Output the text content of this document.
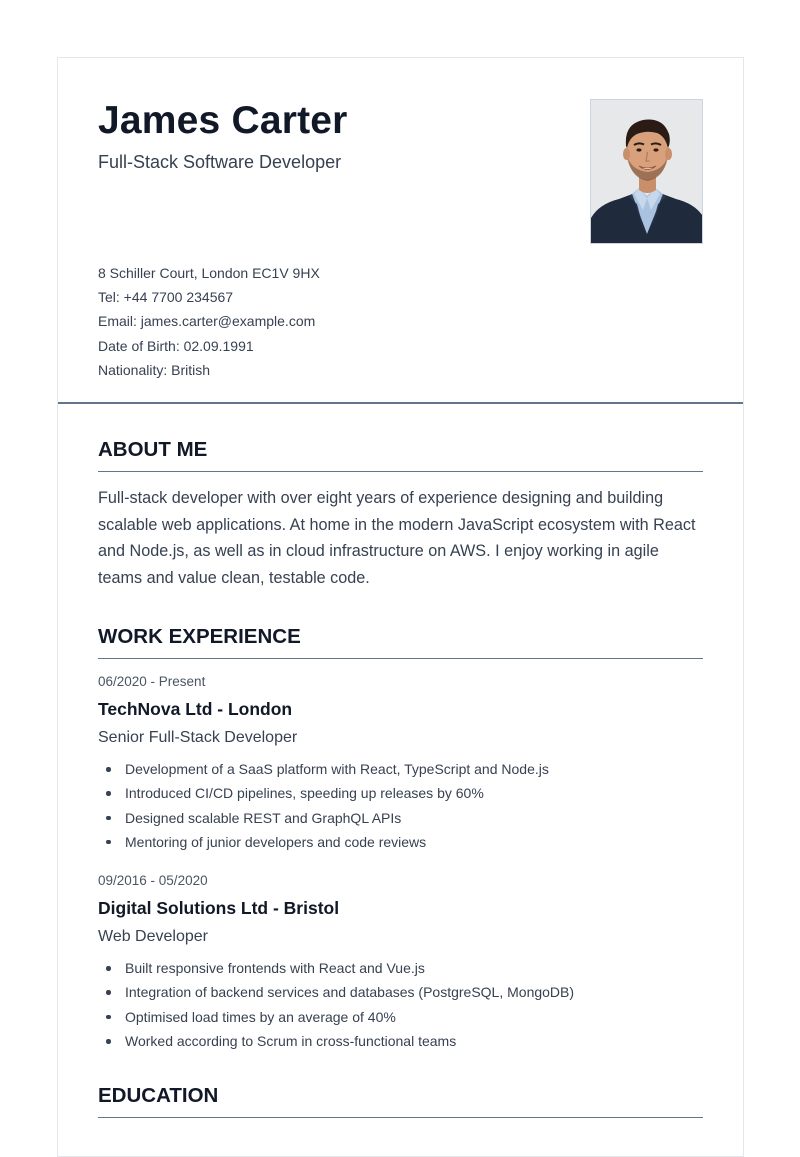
James Carter
Full-Stack Software Developer
8 Schiller Court, London EC1V 9HX
Tel: +44 7700 234567
Email: james.carter@example.com
Date of Birth: 02.09.1991
Nationality: British
ABOUT ME

Full-stack developer with over eight years of experience designing and building scalable web applications. At home in the modern JavaScript ecosystem with React and Node.js, as well as in cloud infrastructure on AWS. I enjoy working in agile teams and value clean, testable code.

WORK EXPERIENCE
06/2020 - Present
TechNova Ltd - London
Senior Full-Stack Developer
Development of a SaaS platform with React, TypeScript and Node.js
Introduced CI/CD pipelines, speeding up releases by 60%
Designed scalable REST and GraphQL APIs
Mentoring of junior developers and code reviews
09/2016 - 05/2020
Digital Solutions Ltd - Bristol
Web Developer
Built responsive frontends with React and Vue.js
Integration of backend services and databases (PostgreSQL, MongoDB)
Optimised load times by an average of 40%
Worked according to Scrum in cross-functional teams
EDUCATION
